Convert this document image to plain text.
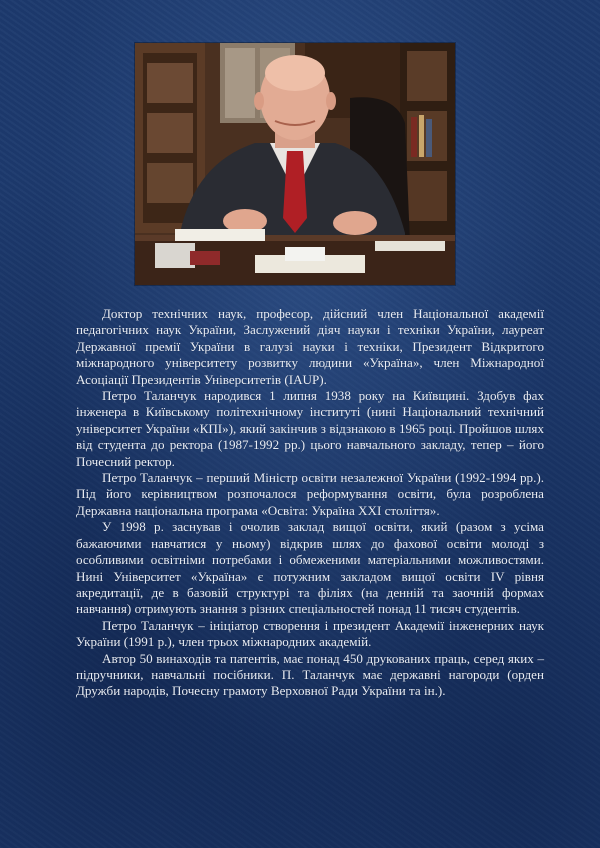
Доктор технічних наук, професор, дійсний член Національної академії педагогічних наук України, Заслужений діяч науки і техніки України, лауреат Державної премії України в галузі науки і техніки, Президент Відкритого міжнародного університету розвитку людини «Україна», член Міжнародної Асоціації Президентів Університетів (IAUP).

Петро Таланчук народився 1 липня 1938 року на Київщині. Здобув фах інженера в Київському політехнічному інституті (нині Національний технічний університет України «КПІ»), який закінчив з відзнакою в 1965 році. Пройшов шлях від студента до ректора (1987-1992 рр.) цього навчального закладу, тепер – його Почесний ректор.

Петро Таланчук – перший Міністр освіти незалежної України (1992-1994 рр.). Під його керівництвом розпочалося реформування освіти, була розроблена Державна національна програма «Освіта: Україна XXI століття».

У 1998 р. заснував і очолив заклад вищої освіти, який (разом з усіма бажаючими навчатися у ньому) відкрив шлях до фахової освіти молоді з особливими освітніми потребами і обмеженими матеріальними можливостями. Нині Університет «Україна» є потужним закладом вищої освіти IV рівня акредитації, де в базовій структурі та філіях (на денній та заочній формах навчання) отримують знання з різних спеціальностей понад 11 тисяч студентів.

Петро Таланчук – ініціатор створення і президент Академії інженерних наук України (1991 р.), член трьох міжнародних академій.

Автор 50 винаходів та патентів, має понад 450 друкованих праць, серед яких – підручники, навчальні посібники. П. Таланчук має державні нагороди (орден Дружби народів, Почесну грамоту Верховної Ради України та ін.).
